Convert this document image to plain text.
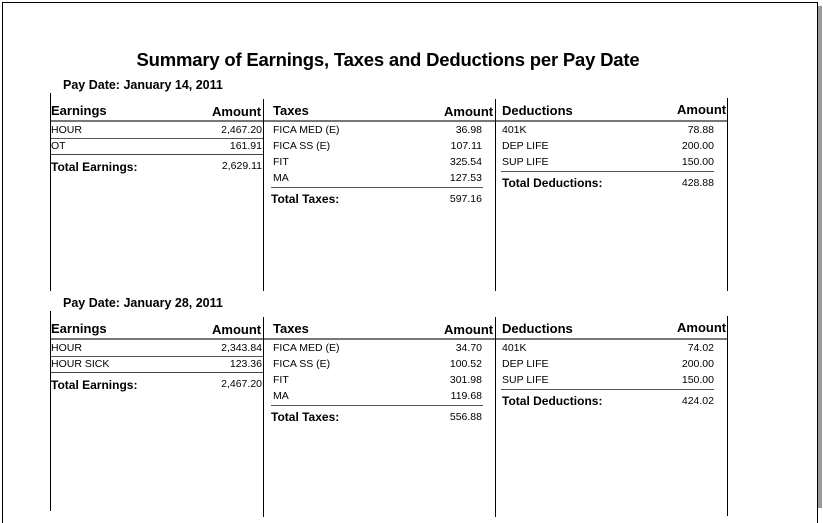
Summary of Earnings, Taxes and Deductions per Pay Date
Pay Date: January 14, 2011
Earnings	Amount
HOUR	2,467.20
OT	161.91
Total Earnings:	2,629.11
Taxes	Amount
FICA MED (E)	36.98
FICA SS (E)	107.11
FIT	325.54
MA	127.53
Total Taxes:	597.16
Deductions	Amount
401K	78.88
DEP LIFE	200.00
SUP LIFE	150.00
Total Deductions:	428.88
Pay Date: January 28, 2011
Earnings	Amount
HOUR	2,343.84
HOUR SICK	123.36
Total Earnings:	2,467.20
Taxes	Amount
FICA MED (E)	34.70
FICA SS (E)	100.52
FIT	301.98
MA	119.68
Total Taxes:	556.88
Deductions	Amount
401K	74.02
DEP LIFE	200.00
SUP LIFE	150.00
Total Deductions:	424.02
